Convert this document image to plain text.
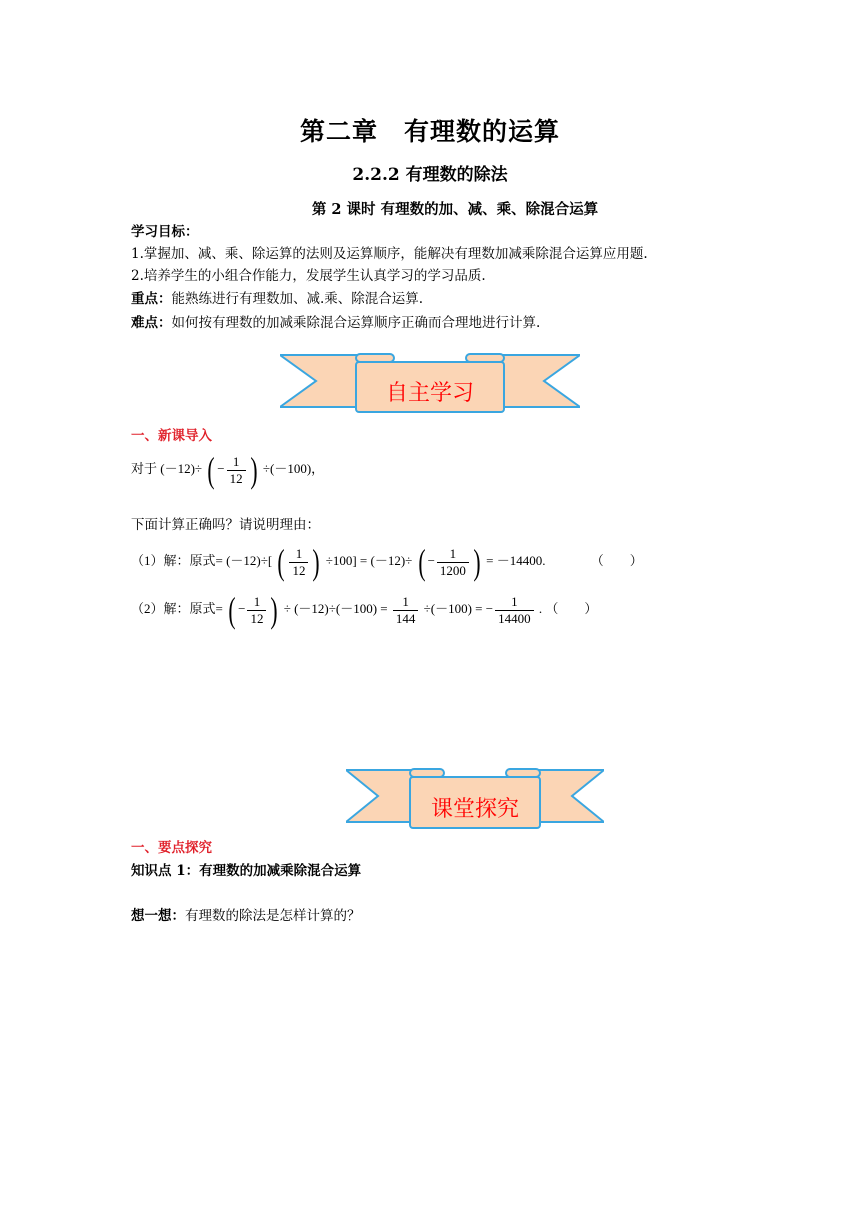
第二章　有理数的运算
2.2.2 有理数的除法
第 2 课时 有理数的加、减、乘、除混合运算
学习目标：
1.掌握加、减、乘、除运算的法则及运算顺序，能解决有理数加减乘除混合运算应用题.
2.培养学生的小组合作能力，发展学生认真学习的学习品质.
重点：能熟练进行有理数加、减.乘、除混合运算.
难点：如何按有理数的加减乘除混合运算顺序正确而合理地进行计算.
自主学习
一、新课导入
对于 (－12)÷ ( − $\frac{1}{12}$ ) ÷(－100)，
下面计算正确吗？请说明理由：
（1）解：原式= (－12)÷[ ( $\frac{1}{12}$ ) ÷100] = (－12)÷ ( − $\frac{1}{1200}$ ) = －14400.	（　　）
（2）解：原式= ( − $\frac{1}{12}$ ) ÷ $(-12)\div(-100) = \frac{1}{144} \div(-100)$ = − $\frac{1}{14400}$ . （　　）
课堂探究
一、要点探究
知识点 1：有理数的加减乘除混合运算
想一想：有理数的除法是怎样计算的？
